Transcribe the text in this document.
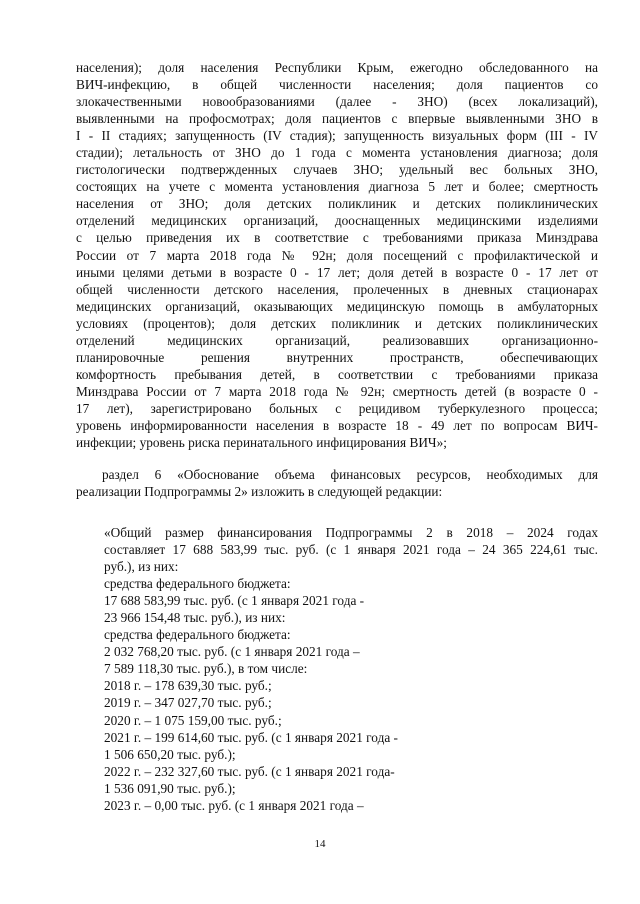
населения); доля населения Республики Крым, ежегодно обследованного на
ВИЧ-инфекцию, в общей численности населения; доля пациентов со
злокачественными новообразованиями (далее - ЗНО) (всех локализаций),
выявленными на профосмотрах; доля пациентов с впервые выявленными ЗНО в
I - II стадиях; запущенность (IV стадия); запущенность визуальных форм (III - IV
стадии); летальность от ЗНО до 1 года с момента установления диагноза; доля
гистологически подтвержденных случаев ЗНО; удельный вес больных ЗНО,
состоящих на учете с момента установления диагноза 5 лет и более; смертность
населения от ЗНО; доля детских поликлиник и детских поликлинических
отделений медицинских организаций, дооснащенных медицинскими изделиями
с целью приведения их в соответствие с требованиями приказа Минздрава
России от 7 марта 2018 года № 92н; доля посещений с профилактической и
иными целями детьми в возрасте 0 - 17 лет; доля детей в возрасте 0 - 17 лет от
общей численности детского населения, пролеченных в дневных стационарах
медицинских организаций, оказывающих медицинскую помощь в амбулаторных
условиях (процентов); доля детских поликлиник и детских поликлинических
отделений медицинских организаций, реализовавших организационно-
планировочные решения внутренних пространств, обеспечивающих
комфортность пребывания детей, в соответствии с требованиями приказа
Минздрава России от 7 марта 2018 года № 92н; смертность детей (в возрасте 0 -
17 лет), зарегистрировано больных с рецидивом туберкулезного процесса;
уровень информированности населения в возрасте 18 - 49 лет по вопросам ВИЧ-
инфекции; уровень риска перинатального инфицирования ВИЧ»;
раздел 6 «Обоснование объема финансовых ресурсов, необходимых для
реализации Подпрограммы 2» изложить в следующей редакции:
«Общий размер финансирования Подпрограммы 2 в 2018 – 2024 годах
составляет 17 688 583,99 тыс. руб. (с 1 января 2021 года – 24 365 224,61 тыс.
руб.), из них:
средства федерального бюджета:
17 688 583,99 тыс. руб. (с 1 января 2021 года -
23 966 154,48 тыс. руб.), из них:
средства федерального бюджета:
2 032 768,20 тыс. руб. (с 1 января 2021 года –
7 589 118,30 тыс. руб.), в том числе:
2018 г. – 178 639,30 тыс. руб.;
2019 г. – 347 027,70 тыс. руб.;
2020 г. – 1 075 159,00 тыс. руб.;
2021 г. – 199 614,60 тыс. руб. (с 1 января 2021 года -
1 506 650,20 тыс. руб.);
2022 г. – 232 327,60 тыс. руб. (с 1 января 2021 года-
1 536 091,90 тыс. руб.);
2023 г. – 0,00 тыс. руб. (с 1 января 2021 года –
14
